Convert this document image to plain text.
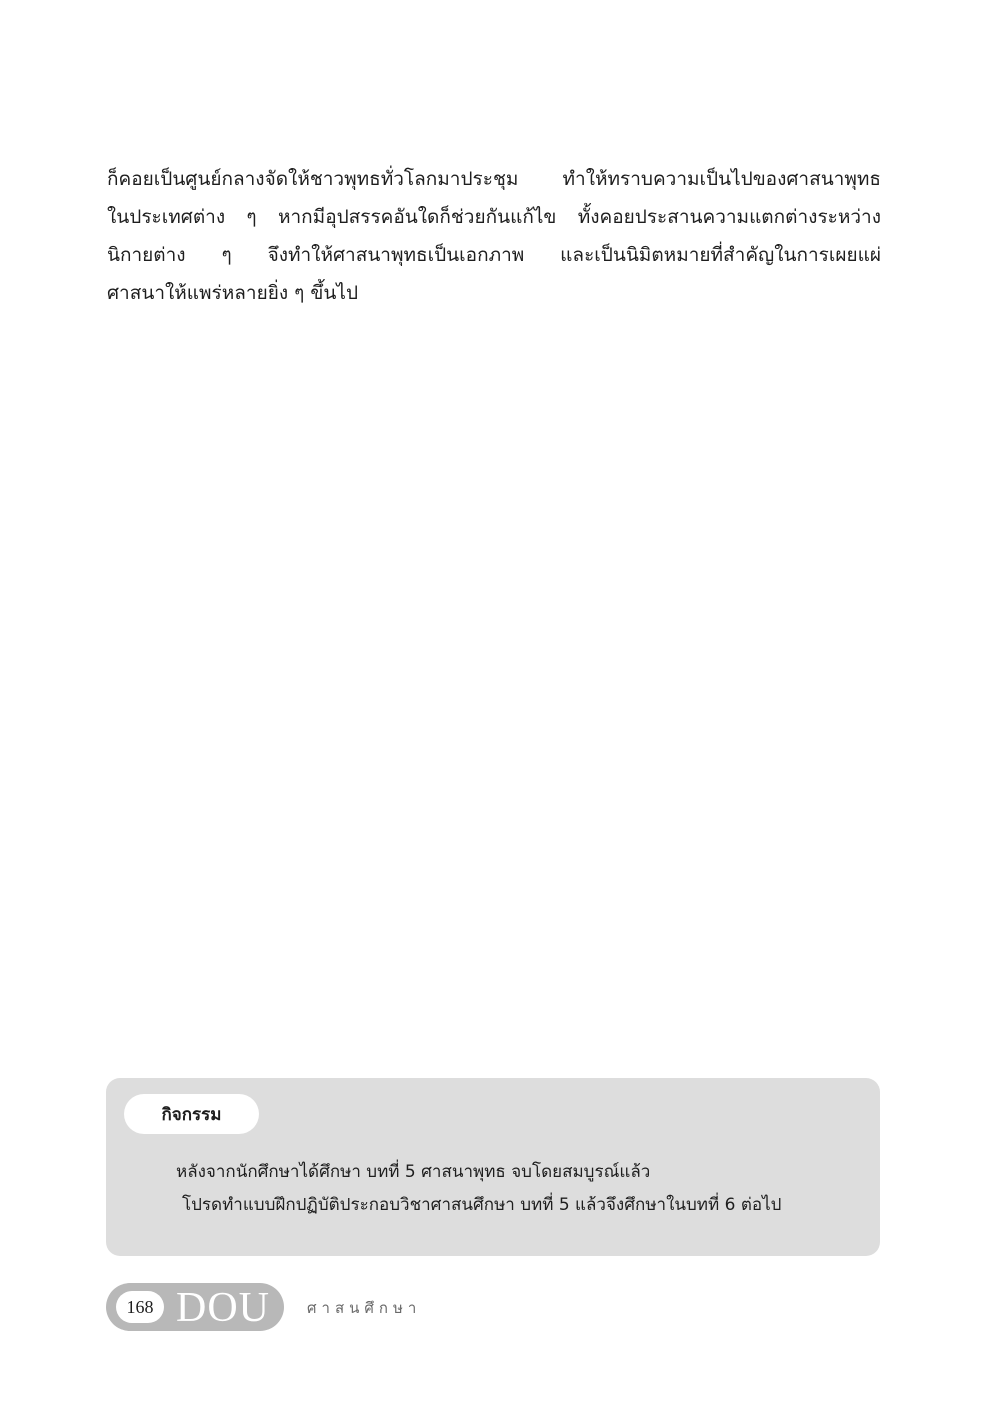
ก็คอยเป็นศูนย์กลางจัดให้ชาวพุทธทั่วโลกมาประชุม ทำให้ทราบความเป็นไปของศาสนาพุทธ
ในประเทศต่าง ๆ หากมีอุปสรรคอันใดก็ช่วยกันแก้ไข ทั้งคอยประสานความแตกต่างระหว่าง
นิกายต่าง ๆ จึงทำให้ศาสนาพุทธเป็นเอกภาพ และเป็นนิมิตหมายที่สำคัญในการเผยแผ่
ศาสนาให้แพร่หลายยิ่ง ๆ ขึ้นไป
กิจกรรม
หลังจากนักศึกษาได้ศึกษา บทที่ 5 ศาสนาพุทธ จบโดยสมบูรณ์แล้ว
โปรดทำแบบฝึกปฏิบัติประกอบวิชาศาสนศึกษา บทที่ 5 แล้วจึงศึกษาในบทที่ 6 ต่อไป
168 DOU ศาสนศึกษา
